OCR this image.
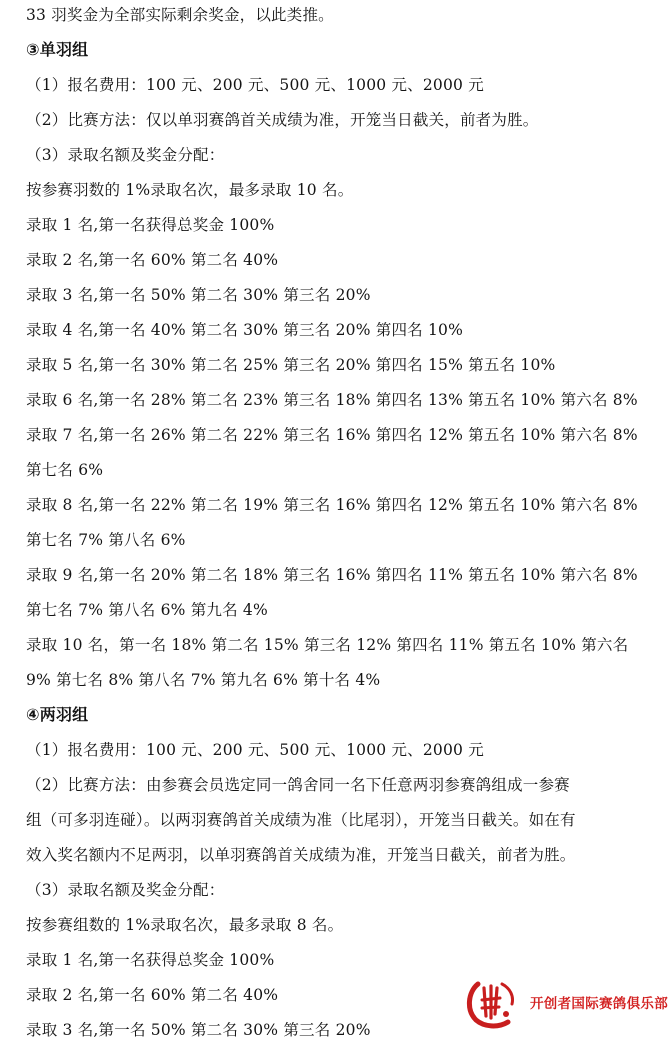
33 羽奖金为全部实际剩余奖金，以此类推。
③单羽组
（1）报名费用：100 元、200 元、500 元、1000 元、2000 元
（2）比赛方法：仅以单羽赛鸽首关成绩为准，开笼当日截关，前者为胜。
（3）录取名额及奖金分配：
按参赛羽数的 1%录取名次，最多录取 10 名。
录取 1 名,第一名获得总奖金 100%
录取 2 名,第一名 60% 第二名 40%
录取 3 名,第一名 50% 第二名 30% 第三名 20%
录取 4 名,第一名 40% 第二名 30% 第三名 20% 第四名 10%
录取 5 名,第一名 30% 第二名 25% 第三名 20% 第四名 15% 第五名 10%
录取 6 名,第一名 28% 第二名 23% 第三名 18% 第四名 13% 第五名 10% 第六名 8%
录取 7 名,第一名 26% 第二名 22% 第三名 16% 第四名 12% 第五名 10% 第六名 8%
第七名 6%
录取 8 名,第一名 22% 第二名 19% 第三名 16% 第四名 12% 第五名 10% 第六名 8%
第七名 7% 第八名 6%
录取 9 名,第一名 20% 第二名 18% 第三名 16% 第四名 11% 第五名 10% 第六名 8%
第七名 7% 第八名 6% 第九名 4%
录取 10 名，第一名 18% 第二名 15% 第三名 12% 第四名 11% 第五名 10% 第六名
9% 第七名 8% 第八名 7% 第九名 6% 第十名 4%
④两羽组
（1）报名费用：100 元、200 元、500 元、1000 元、2000 元
（2）比赛方法：由参赛会员选定同一鸽舍同一名下任意两羽参赛鸽组成一参赛
组（可多羽连碰）。以两羽赛鸽首关成绩为准（比尾羽），开笼当日截关。如在有
效入奖名额内不足两羽，以单羽赛鸽首关成绩为准，开笼当日截关，前者为胜。
（3）录取名额及奖金分配：
按参赛组数的 1%录取名次，最多录取 8 名。
录取 1 名,第一名获得总奖金 100%
录取 2 名,第一名 60% 第二名 40%
录取 3 名,第一名 50% 第二名 30% 第三名 20%
开创者国际赛鸽俱乐部
